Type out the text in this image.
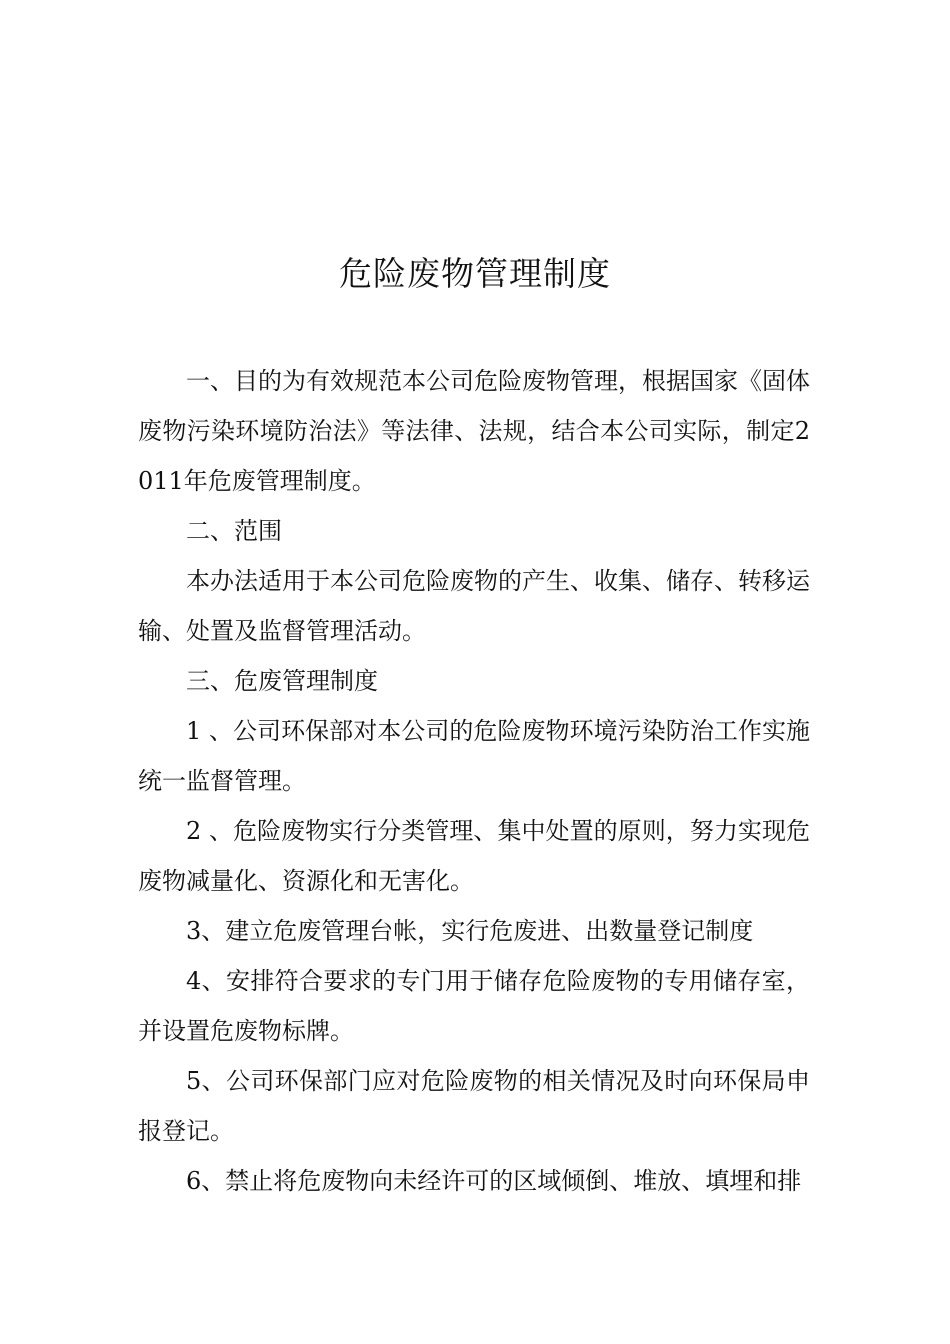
危险废物管理制度

一、目的为有效规范本公司危险废物管理，根据国家《固体废物污染环境防治法》等法律、法规，结合本公司实际，制定2011年危废管理制度。

二、范围

本办法适用于本公司危险废物的产生、收集、储存、转移运输、处置及监督管理活动。

三、危废管理制度

1 、公司环保部对本公司的危险废物环境污染防治工作实施统一监督管理。

2 、危险废物实行分类管理、集中处置的原则，努力实现危废物减量化、资源化和无害化。

3、建立危废管理台帐，实行危废进、出数量登记制度

4、安排符合要求的专门用于储存危险废物的专用储存室，并设置危废物标牌。

5、公司环保部门应对危险废物的相关情况及时向环保局申报登记。

6、禁止将危废物向未经许可的区域倾倒、堆放、填埋和排
